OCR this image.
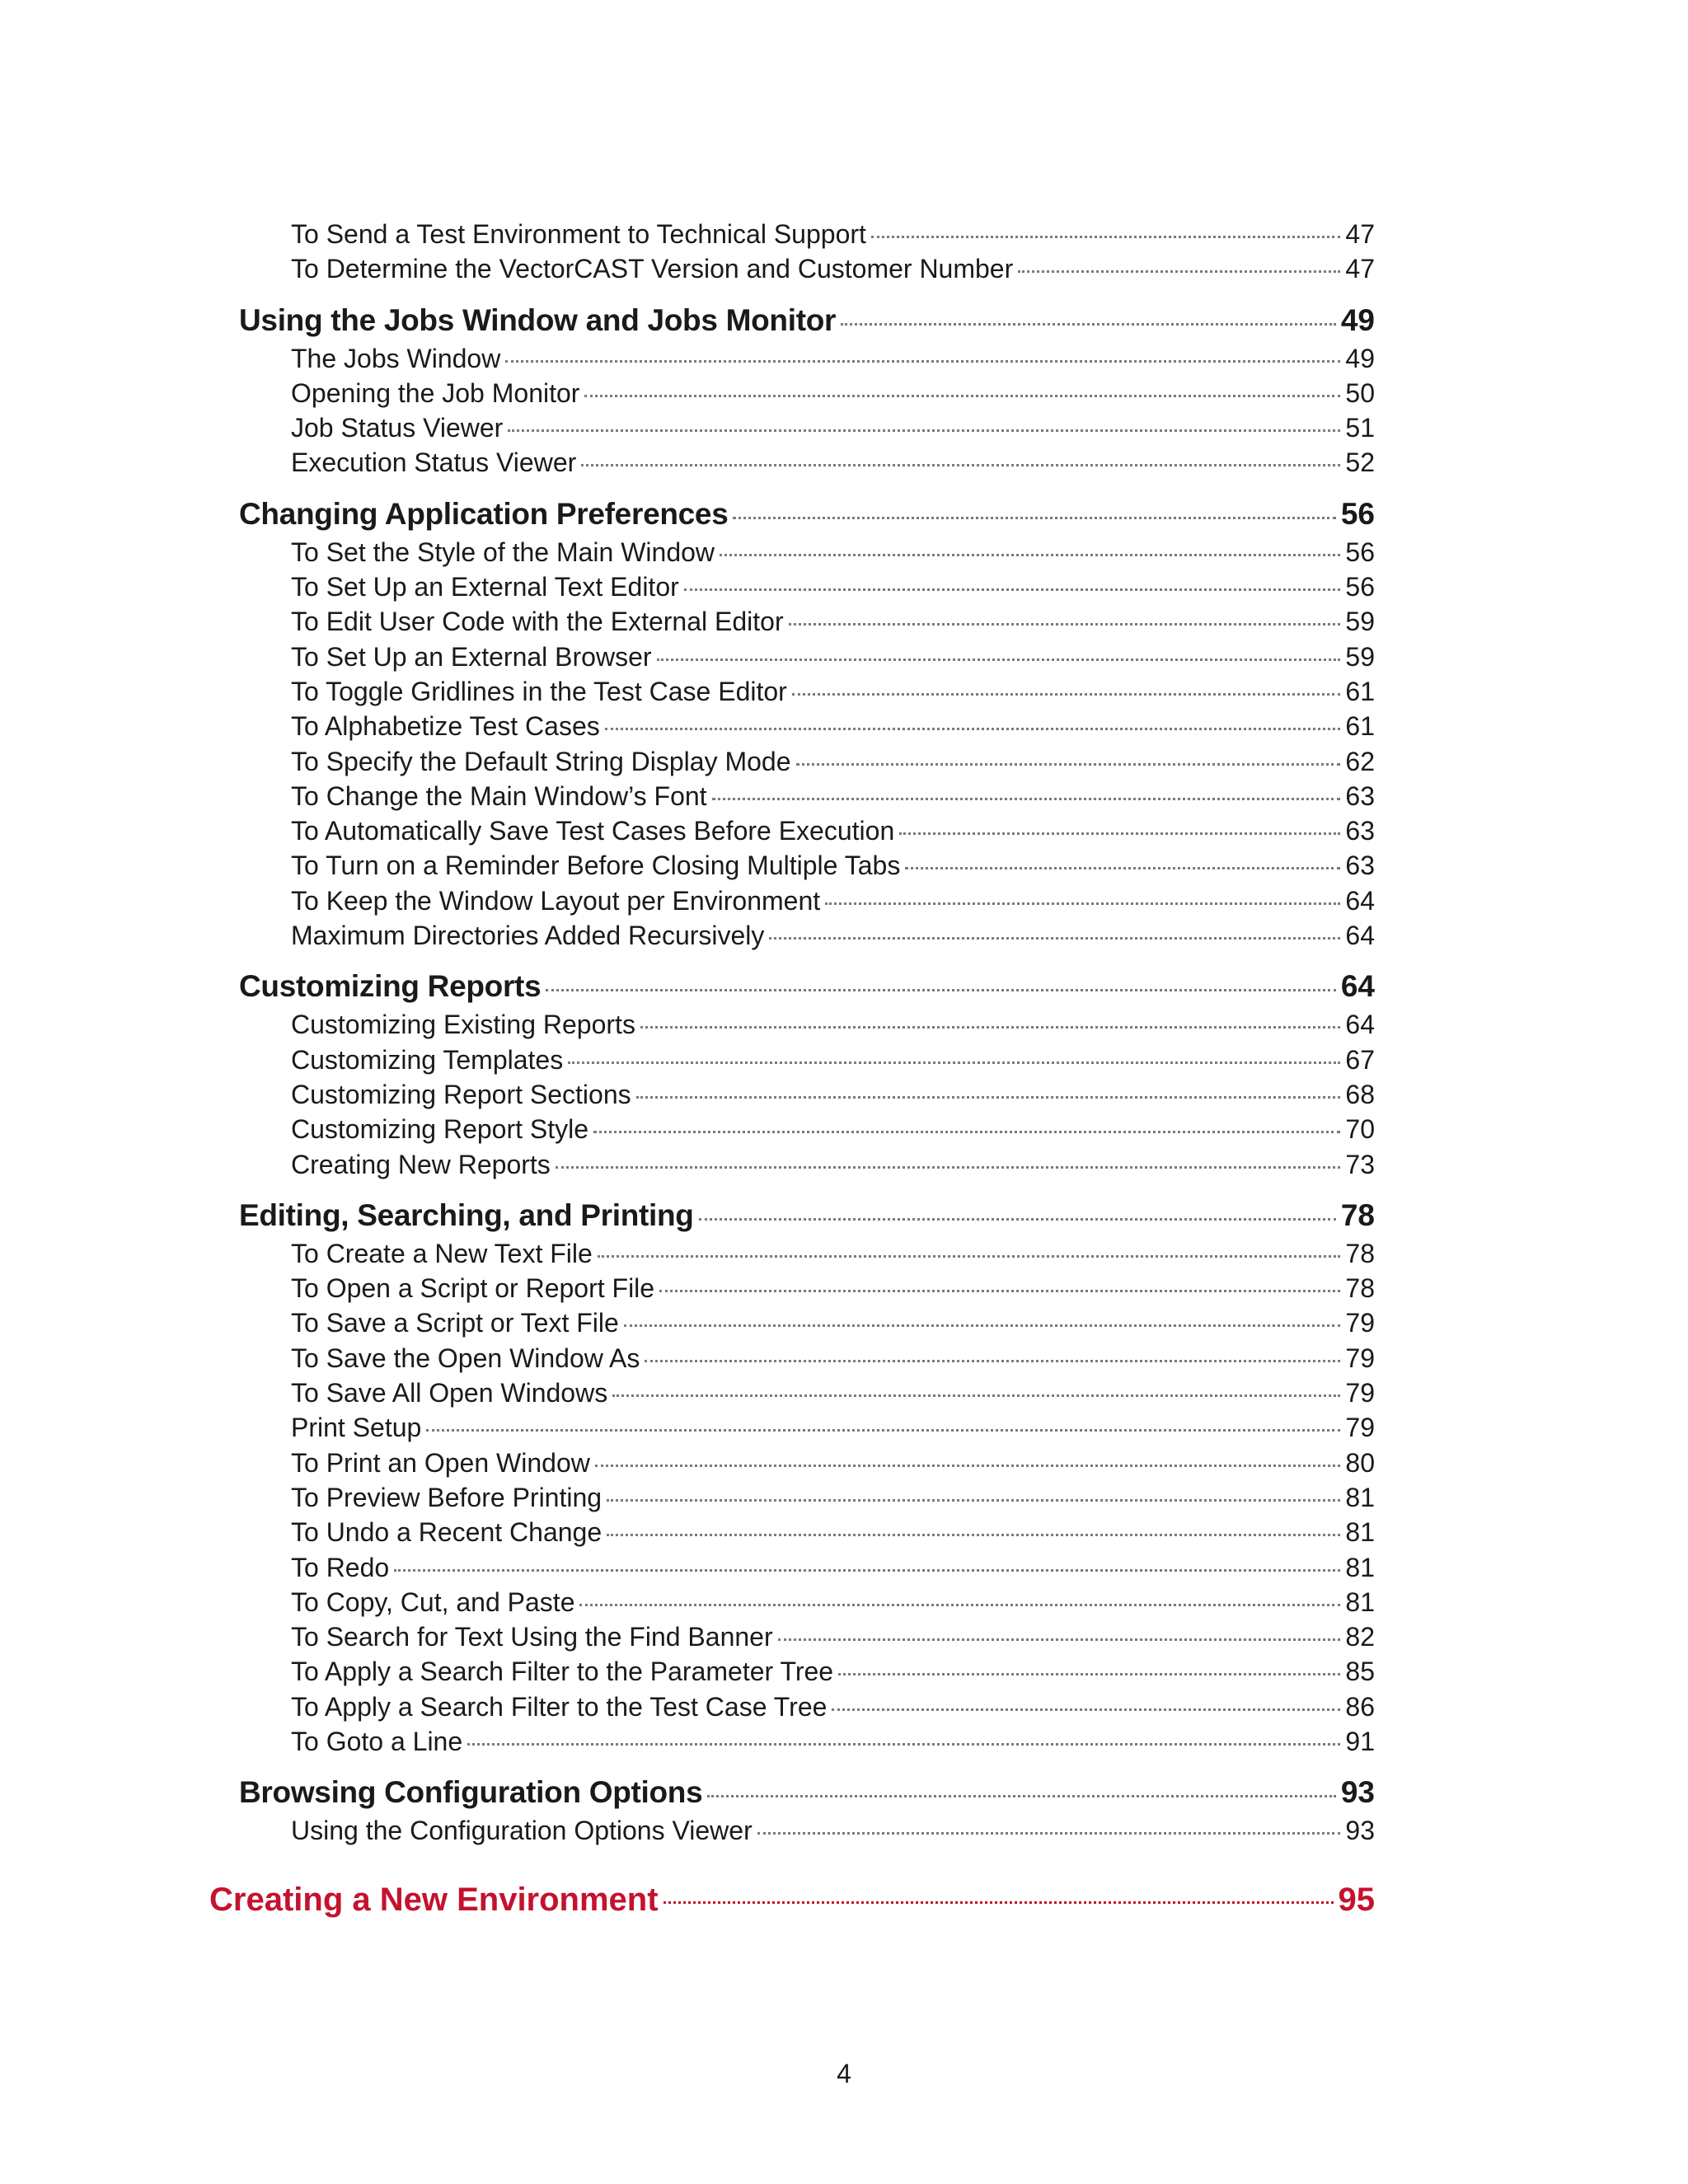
To Send a Test Environment to Technical Support	47
To Determine the VectorCAST Version and Customer Number	47
Using the Jobs Window and Jobs Monitor	49
The Jobs Window	49
Opening the Job Monitor	50
Job Status Viewer	51
Execution Status Viewer	52
Changing Application Preferences	56
To Set the Style of the Main Window	56
To Set Up an External Text Editor	56
To Edit User Code with the External Editor	59
To Set Up an External Browser	59
To Toggle Gridlines in the Test Case Editor	61
To Alphabetize Test Cases	61
To Specify the Default String Display Mode	62
To Change the Main Window’s Font	63
To Automatically Save Test Cases Before Execution	63
To Turn on a Reminder Before Closing Multiple Tabs	63
To Keep the Window Layout per Environment	64
Maximum Directories Added Recursively	64
Customizing Reports	64
Customizing Existing Reports	64
Customizing Templates	67
Customizing Report Sections	68
Customizing Report Style	70
Creating New Reports	73
Editing, Searching, and Printing	78
To Create a New Text File	78
To Open a Script or Report File	78
To Save a Script or Text File	79
To Save the Open Window As	79
To Save All Open Windows	79
Print Setup	79
To Print an Open Window	80
To Preview Before Printing	81
To Undo a Recent Change	81
To Redo	81
To Copy, Cut, and Paste	81
To Search for Text Using the Find Banner	82
To Apply a Search Filter to the Parameter Tree	85
To Apply a Search Filter to the Test Case Tree	86
To Goto a Line	91
Browsing Configuration Options	93
Using the Configuration Options Viewer	93
Creating a New Environment	95
4
